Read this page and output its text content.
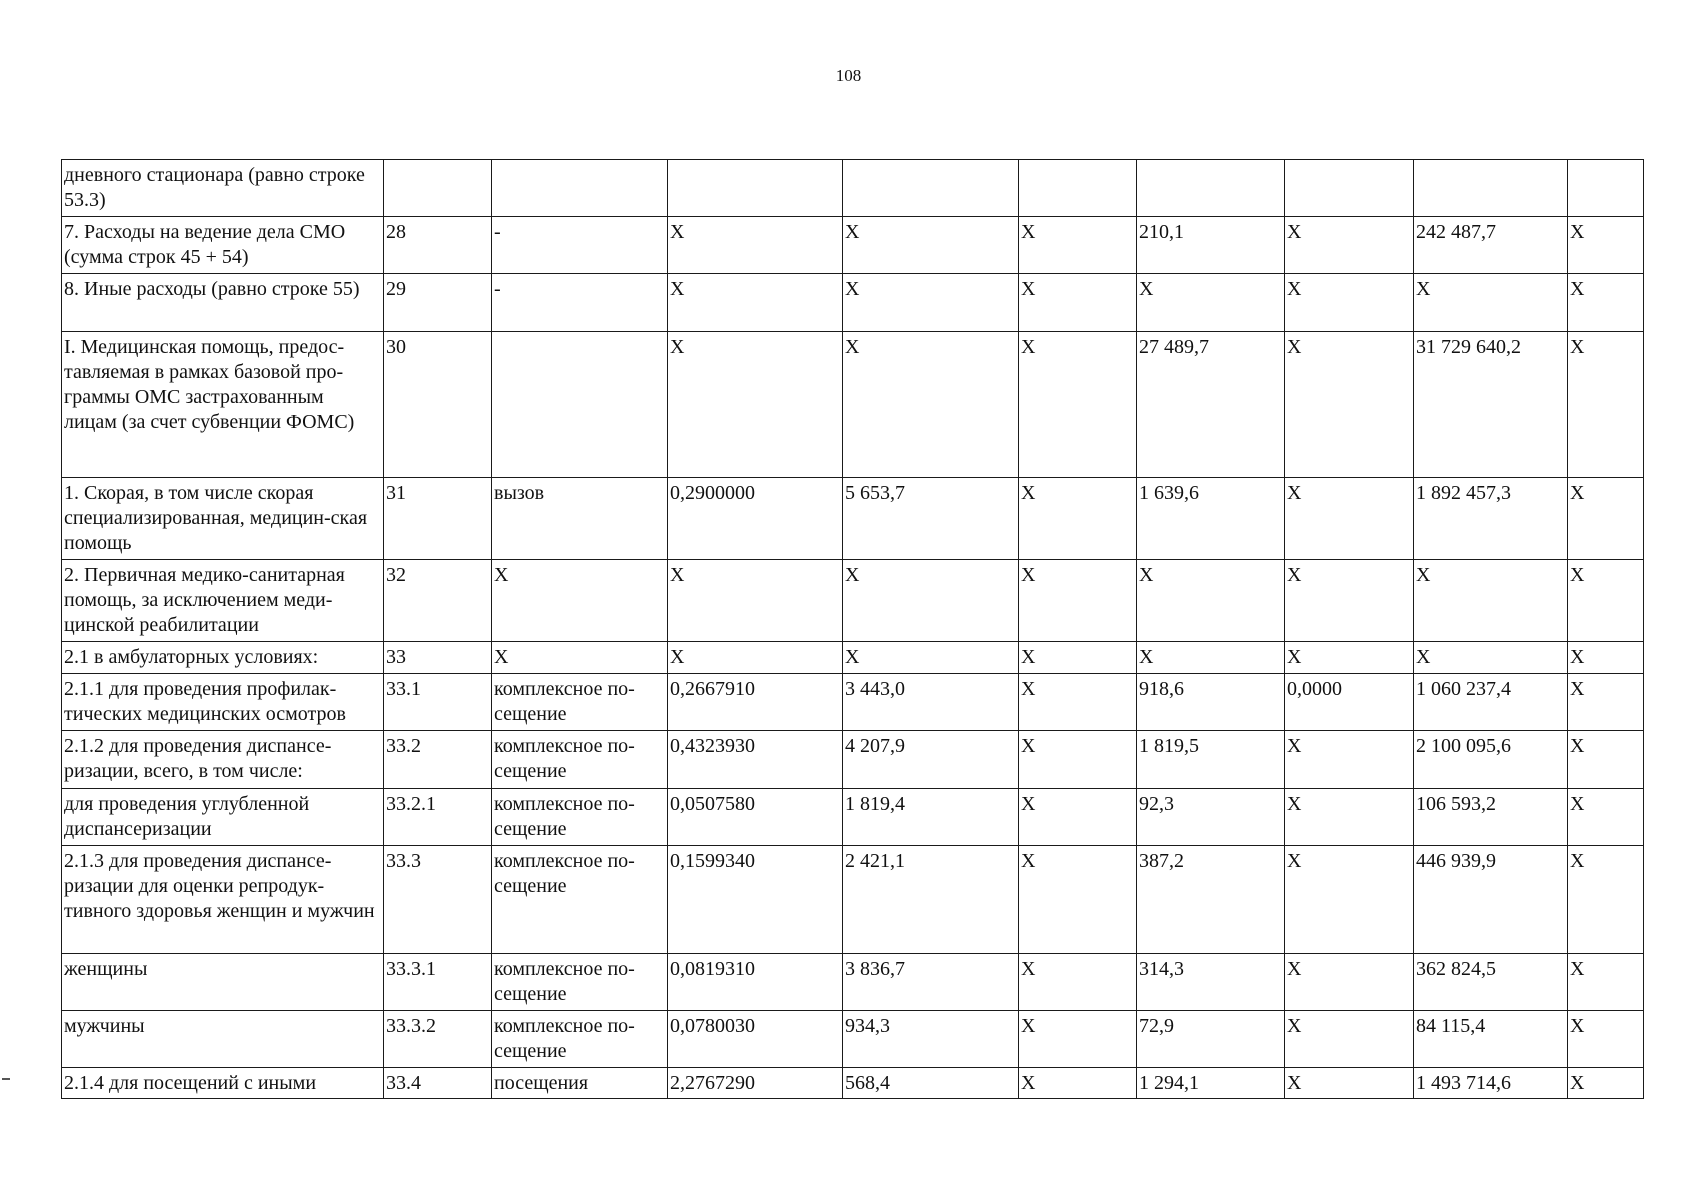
108
дневного стационара (равно строке 53.3)									
7. Расходы на ведение дела СМО (сумма строк 45 + 54)	28	-	X	X	X	210,1	X	242 487,7	X
8. Иные расходы (равно строке 55)	29	-	X	X	X	X	X	X	X
I. Медицинская помощь, предос-тавляемая в рамках базовой про-граммы ОМС застрахованным лицам (за счет субвенции ФОМС)	30		X	X	X	27 489,7	X	31 729 640,2	X
1. Скорая, в том числе скорая специализированная, медицин-ская помощь	31	вызов	0,2900000	5 653,7	X	1 639,6	X	1 892 457,3	X
2. Первичная медико-санитарная помощь, за исключением меди-цинской реабилитации	32	X	X	X	X	X	X	X	X
2.1 в амбулаторных условиях:	33	X	X	X	X	X	X	X	X
2.1.1 для проведения профилак-тических медицинских осмотров	33.1	комплексное по-сещение	0,2667910	3 443,0	X	918,6	0,0000	1 060 237,4	X
2.1.2 для проведения диспансе-ризации, всего, в том числе:	33.2	комплексное по-сещение	0,4323930	4 207,9	X	1 819,5	X	2 100 095,6	X
для проведения углубленной диспансеризации	33.2.1	комплексное по-сещение	0,0507580	1 819,4	X	92,3	X	106 593,2	X
2.1.3 для проведения диспансе-ризации для оценки репродук-тивного здоровья женщин и мужчин	33.3	комплексное по-сещение	0,1599340	2 421,1	X	387,2	X	446 939,9	X
женщины	33.3.1	комплексное по-сещение	0,0819310	3 836,7	X	314,3	X	362 824,5	X
мужчины	33.3.2	комплексное по-сещение	0,0780030	934,3	X	72,9	X	84 115,4	X
2.1.4 для посещений с иными	33.4	посещения	2,2767290	568,4	X	1 294,1	X	1 493 714,6	X
